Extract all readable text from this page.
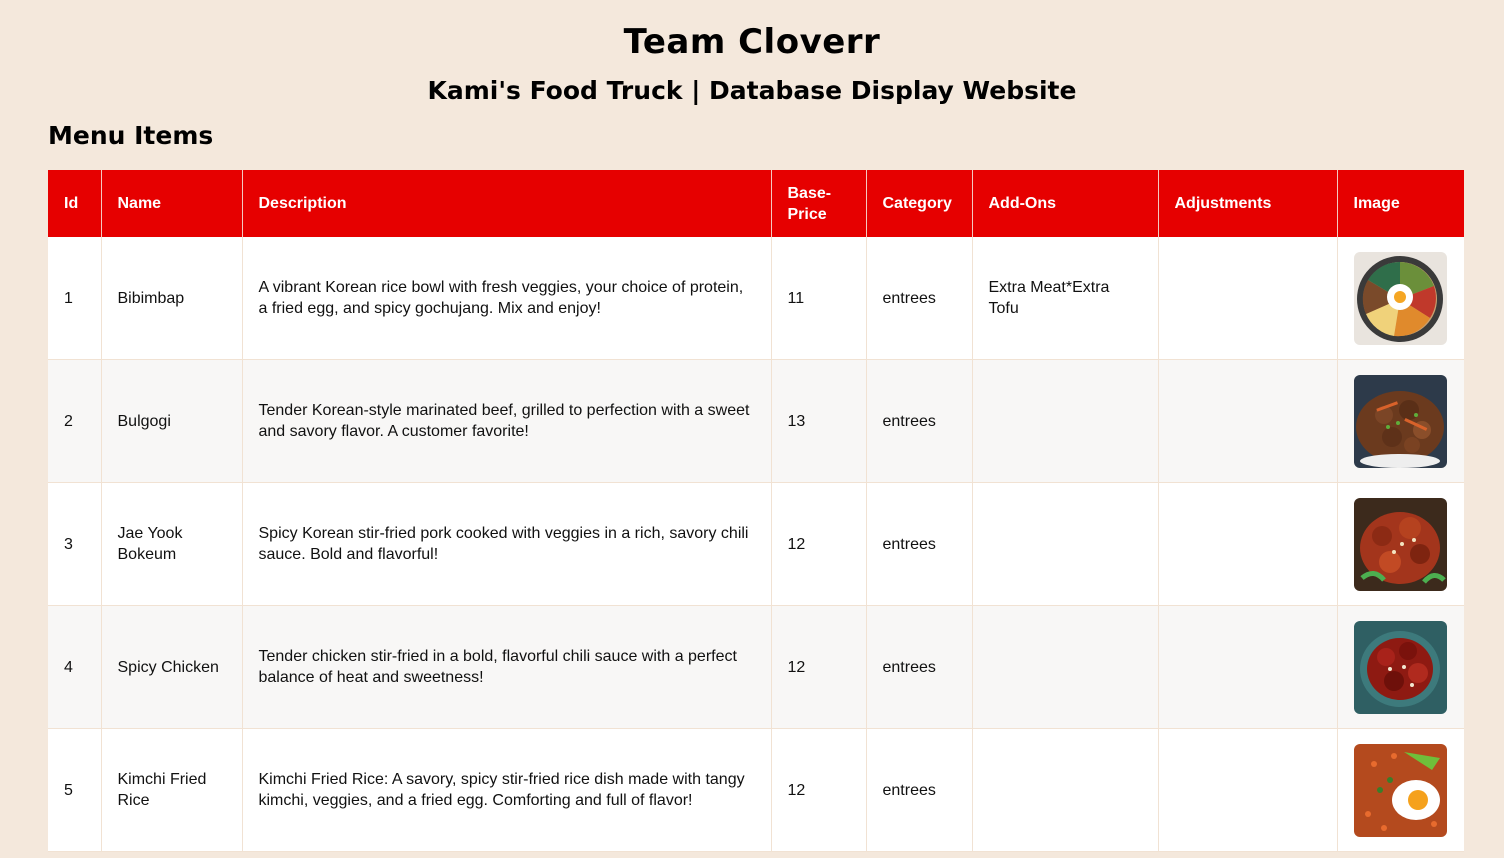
Team Cloverr
Kami's Food Truck | Database Display Website
Menu Items
Id	Name	Description	Base-Price	Category	Add-Ons	Adjustments	Image
1	Bibimbap	A vibrant Korean rice bowl with fresh veggies, your choice of protein, a fried egg, and spicy gochujang. Mix and enjoy!	11	entrees	Extra Meat*Extra Tofu		

2	Bulgogi	Tender Korean-style marinated beef, grilled to perfection with a sweet and savory flavor. A customer favorite!	13	entrees			

3	Jae Yook Bokeum	Spicy Korean stir-fried pork cooked with veggies in a rich, savory chili sauce. Bold and flavorful!	12	entrees			

4	Spicy Chicken	Tender chicken stir-fried in a bold, flavorful chili sauce with a perfect balance of heat and sweetness!	12	entrees			

5	Kimchi Fried Rice	Kimchi Fried Rice: A savory, spicy stir-fried rice dish made with tangy kimchi, veggies, and a fried egg. Comforting and full of flavor!	12	entrees			
